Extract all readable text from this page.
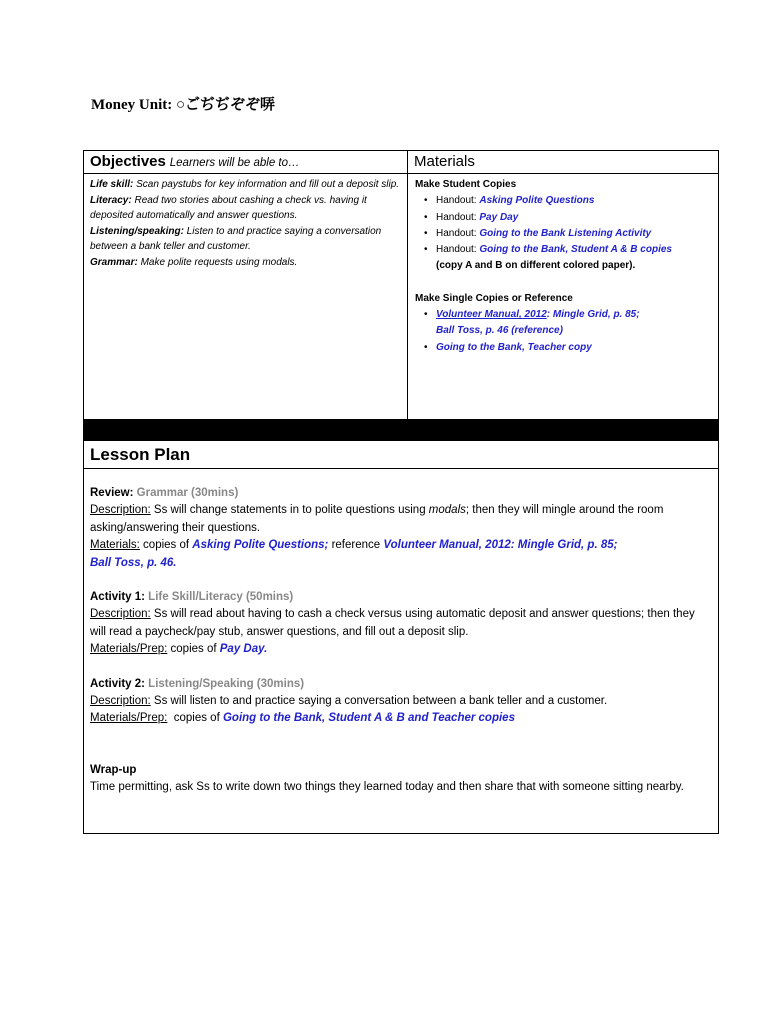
Money Unit: ○ごぢぢぞぞ哢
Objectives Learners will be able to…	Materials
Life skill: Scan paystubs for key information and fill out a deposit slip.
Literacy: Read two stories about cashing a check vs. having it deposited automatically and answer questions.
Listening/speaking: Listen to and practice saying a conversation between a bank teller and customer.
Grammar: Make polite requests using modals.
Make Student Copies
• Handout: Asking Polite Questions
• Handout: Pay Day
• Handout: Going to the Bank Listening Activity
• Handout: Going to the Bank, Student A & B copies
(copy A and B on different colored paper).
Make Single Copies or Reference
• Volunteer Manual, 2012: Mingle Grid, p. 85;
Ball Toss, p. 46 (reference)
• Going to the Bank, Teacher copy
Lesson Plan

Review: Grammar (30mins)

Description: Ss will change statements in to polite questions using modals; then they will mingle around the room asking/answering their questions.

Materials: copies of Asking Polite Questions; reference Volunteer Manual, 2012: Mingle Grid, p. 85;
Ball Toss, p. 46.

Activity 1: Life Skill/Literacy (50mins)

Description: Ss will read about having to cash a check versus using automatic deposit and answer questions; then they will read a paycheck/pay stub, answer questions, and fill out a deposit slip.

Materials/Prep: copies of Pay Day.

Activity 2: Listening/Speaking (30mins)

Description: Ss will listen to and practice saying a conversation between a bank teller and a customer.

Materials/Prep:  copies of Going to the Bank, Student A & B and Teacher copies

Wrap-up

Time permitting, ask Ss to write down two things they learned today and then share that with someone sitting nearby.
